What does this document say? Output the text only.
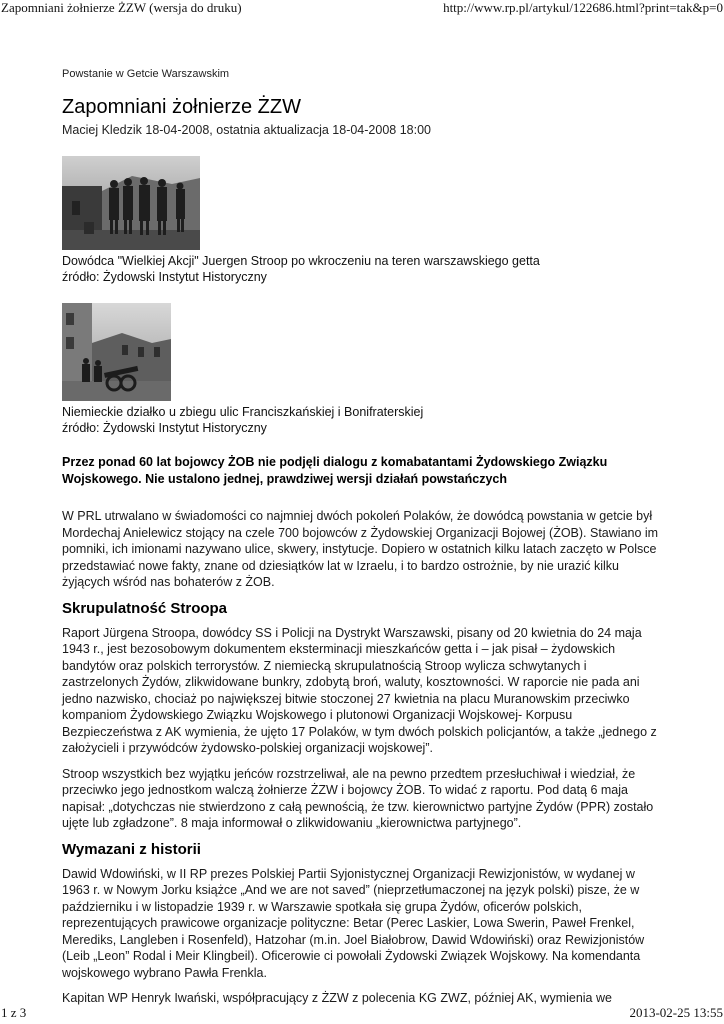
Zapomniani żołnierze ŻZW (wersja do druku)	http://www.rp.pl/artykul/122686.html?print=tak&p=0
Powstanie w Getcie Warszawskim
Zapomniani żołnierze ŻZW
Maciej Kledzik 18-04-2008, ostatnia aktualizacja 18-04-2008 18:00
Dowódca "Wielkiej Akcji" Juergen Stroop po wkroczeniu na teren warszawskiego getta
źródło: Żydowski Instytut Historyczny
Niemieckie działko u zbiegu ulic Franciszkańskiej i Bonifraterskiej
źródło: Żydowski Instytut Historyczny

Przez ponad 60 lat bojowcy ŻOB nie podjęli dialogu z komabatantami Żydowskiego Związku Wojskowego. Nie ustalono jednej, prawdziwej wersji działań powstańczych

W PRL utrwalano w świadomości co najmniej dwóch pokoleń Polaków, że dowódcą powstania w getcie był Mordechaj Anielewicz stojący na czele 700 bojowców z Żydowskiej Organizacji Bojowej (ŻOB). Stawiano im pomniki, ich imionami nazywano ulice, skwery, instytucje. Dopiero w ostatnich kilku latach zaczęto w Polsce przedstawiać nowe fakty, znane od dziesiątków lat w Izraelu, i to bardzo ostrożnie, by nie urazić kilku żyjących wśród nas bohaterów z ŻOB.

Skrupulatność Stroopa

Raport Jürgena Stroopa, dowódcy SS i Policji na Dystrykt Warszawski, pisany od 20 kwietnia do 24 maja 1943 r., jest bezosobowym dokumentem eksterminacji mieszkańców getta i – jak pisał – żydowskich bandytów oraz polskich terrorystów. Z niemiecką skrupulatnością Stroop wylicza schwytanych i zastrzelonych Żydów, zlikwidowane bunkry, zdobytą broń, waluty, kosztowności. W raporcie nie pada ani jedno nazwisko, chociaż po największej bitwie stoczonej 27 kwietnia na placu Muranowskim przeciwko kompaniom Żydowskiego Związku Wojskowego i plutonowi Organizacji Wojskowej- Korpusu Bezpieczeństwa z AK wymienia, że ujęto 17 Polaków, w tym dwóch polskich policjantów, a także „jednego z założycieli i przywódców żydowsko-polskiej organizacji wojskowej”.

Stroop wszystkich bez wyjątku jeńców rozstrzeliwał, ale na pewno przedtem przesłuchiwał i wiedział, że przeciwko jego jednostkom walczą żołnierze ŻZW i bojowcy ŻOB. To widać z raportu. Pod datą 6 maja napisał: „dotychczas nie stwierdzono z całą pewnością, że tzw. kierownictwo partyjne Żydów (PPR) zostało ujęte lub zgładzone”. 8 maja informował o zlikwidowaniu „kierownictwa partyjnego”.

Wymazani z historii

Dawid Wdowiński, w II RP prezes Polskiej Partii Syjonistycznej Organizacji Rewizjonistów, w wydanej w 1963 r. w Nowym Jorku książce „And we are not saved” (nieprzetłumaczonej na język polski) pisze, że w październiku i w listopadzie 1939 r. w Warszawie spotkała się grupa Żydów, oficerów polskich, reprezentujących prawicowe organizacje polityczne: Betar (Perec Laskier, Lowa Swerin, Paweł Frenkel, Merediks, Langleben i Rosenfeld), Hatzohar (m.in. Joel Białobrow, Dawid Wdowiński) oraz Rewizjonistów (Leib „Leon” Rodal i Meir Klingbeil). Oficerowie ci powołali Żydowski Związek Wojskowy. Na komendanta wojskowego wybrano Pawła Frenkla.

Kapitan WP Henryk Iwański, współpracujący z ŻZW z polecenia KG ZWZ, później AK, wymienia we

1 z 3	2013-02-25 13:55
